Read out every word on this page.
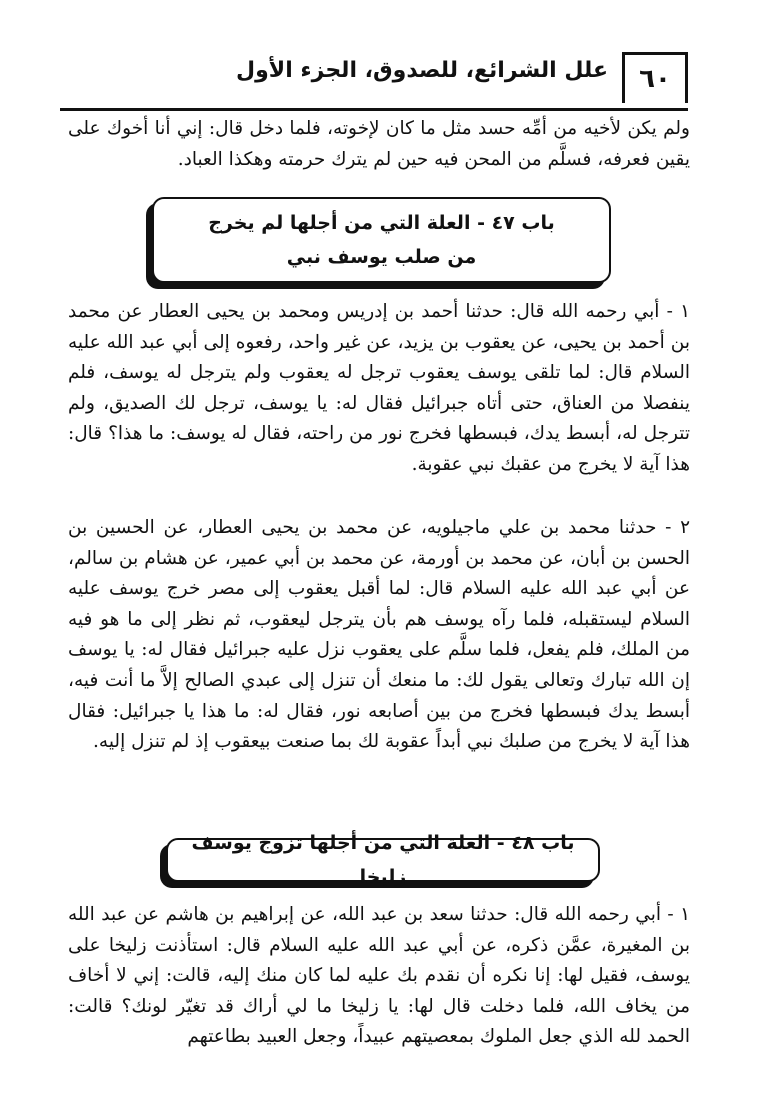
٦٠
علل الشرائع، للصدوق، الجزء الأول

ولم يكن لأخيه من أمِّه حسد مثل ما كان لإخوته، فلما دخل قال: إني أنا أخوك على يقين فعرفه، فسلَّم من المحن فيه حين لم يترك حرمته وهكذا العباد.

باب ٤٧ - العلة التي من أجلها لم يخرج
من صلب يوسف نبي

١ - أبي رحمه الله قال: حدثنا أحمد بن إدريس ومحمد بن يحيى العطار عن محمد بن أحمد بن يحيى، عن يعقوب بن يزيد، عن غير واحد، رفعوه إلى أبي عبد الله عليه السلام قال: لما تلقى يوسف يعقوب ترجل له يعقوب ولم يترجل له يوسف، فلم ينفصلا من العناق، حتى أتاه جبرائيل فقال له: يا يوسف، ترجل لك الصديق، ولم تترجل له، أبسط يدك، فبسطها فخرج نور من راحته، فقال له يوسف: ما هذا؟ قال: هذا آية لا يخرج من عقبك نبي عقوبة.

٢ - حدثنا محمد بن علي ماجيلويه، عن محمد بن يحيى العطار، عن الحسين بن الحسن بن أبان، عن محمد بن أورمة، عن محمد بن أبي عمير، عن هشام بن سالم، عن أبي عبد الله عليه السلام قال: لما أقبل يعقوب إلى مصر خرج يوسف عليه السلام ليستقبله، فلما رآه يوسف هم بأن يترجل ليعقوب، ثم نظر إلى ما هو فيه من الملك، فلم يفعل، فلما سلَّم على يعقوب نزل عليه جبرائيل فقال له: يا يوسف إن الله تبارك وتعالى يقول لك: ما منعك أن تنزل إلى عبدي الصالح إلاَّ ما أنت فيه، أبسط يدك فبسطها فخرج من بين أصابعه نور، فقال له: ما هذا يا جبرائيل: فقال هذا آية لا يخرج من صلبك نبي أبداً عقوبة لك بما صنعت بيعقوب إذ لم تنزل إليه.

باب ٤٨ - العلة التي من أجلها تزوج يوسف زليخا

١ - أبي رحمه الله قال: حدثنا سعد بن عبد الله، عن إبراهيم بن هاشم عن عبد الله بن المغيرة، عمَّن ذكره، عن أبي عبد الله عليه السلام قال: استأذنت زليخا على يوسف، فقيل لها: إنا نكره أن نقدم بك عليه لما كان منك إليه، قالت: إني لا أخاف من يخاف الله، فلما دخلت قال لها: يا زليخا ما لي أراك قد تغيّر لونك؟ قالت: الحمد لله الذي جعل الملوك بمعصيتهم عبيداً، وجعل العبيد بطاعتهم
